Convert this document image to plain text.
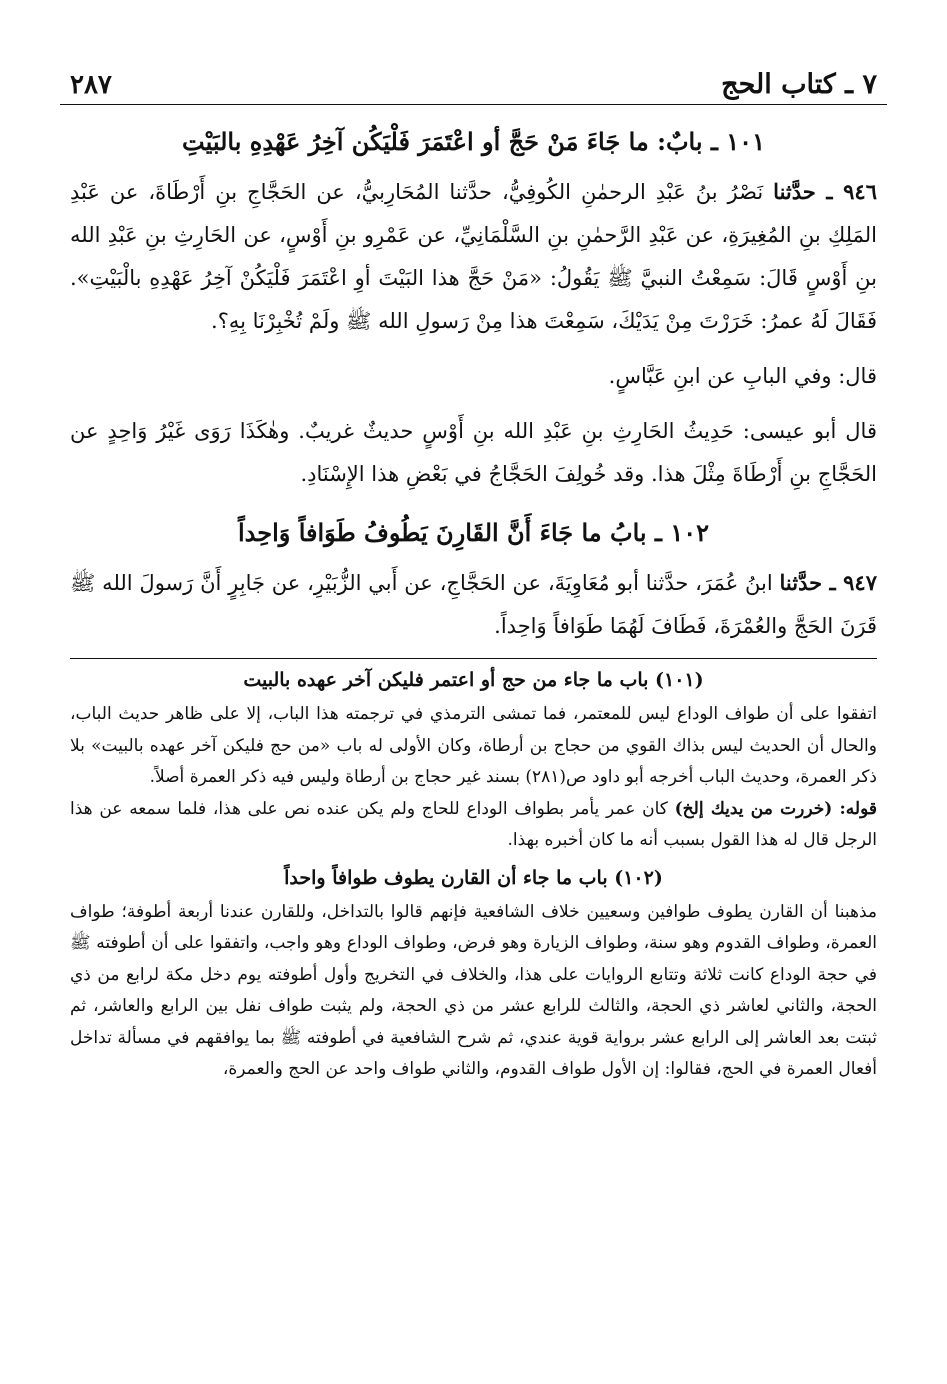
٧ ـ كتاب الحج
٢٨٧
١٠١ ـ بابٌ: ما جَاءَ مَنْ حَجَّ أو اعْتَمَرَ فَلْيَكُن آخِرُ عَهْدِهِ بالبَيْتِ

٩٤٦ ـ حدَّثنا نَصْرُ بنُ عَبْدِ الرحمٰنِ الكُوفِيُّ، حدَّثنا المُحَارِبيُّ، عن الحَجَّاجِ بنِ أَرْطَاةَ، عن عَبْدِ المَلِكِ بنِ المُغِيرَةِ، عن عَبْدِ الرَّحمٰنِ بنِ السَّلْمَانِيِّ، عن عَمْرِو بنِ أَوْسٍ، عن الحَارِثِ بنِ عَبْدِ الله بنِ أَوْسٍ قَالَ: سَمِعْتُ النبيَّ ﷺ يَقُولُ: «مَنْ حَجَّ هذا البَيْتَ أوِ اعْتَمَرَ فَلْيَكُنْ آخِرُ عَهْدِهِ بالْبَيْتِ». فَقَالَ لَهُ عمرُ: خَرَرْتَ مِنْ يَدَيْكَ، سَمِعْتَ هذا مِنْ رَسولِ الله ﷺ ولَمْ تُخْبِرْنَا بِهِ؟.

قال: وفي البابِ عن ابنِ عَبَّاسٍ.

قال أبو عيسى: حَدِيثُ الحَارِثِ بنِ عَبْدِ الله بنِ أَوْسٍ حديثٌ غريبٌ. وهٰكَذَا رَوَى غَيْرُ وَاحِدٍ عن الحَجَّاجِ بنِ أَرْطَاةَ مِثْلَ هذا. وقد خُولِفَ الحَجَّاجُ في بَعْضِ هذا الإِسْنَادِ.

١٠٢ ـ بابُ ما جَاءَ أَنَّ القَارِنَ يَطُوفُ طَوَافاً وَاحِداً

٩٤٧ ـ حدَّثنا ابنُ عُمَرَ، حدَّثنا أبو مُعَاوِيَةَ، عن الحَجَّاجِ، عن أَبي الزُّبَيْرِ، عن جَابِرٍ أَنَّ رَسولَ الله ﷺ قَرَنَ الحَجَّ والعُمْرَةَ، فَطَافَ لَهُمَا طَوَافاً وَاحِداً.

(١٠١) باب ما جاء من حج أو اعتمر فليكن آخر عهده بالبيت

اتفقوا على أن طواف الوداع ليس للمعتمر، فما تمشى الترمذي في ترجمته هذا الباب، إلا على ظاهر حديث الباب، والحال أن الحديث ليس بذاك القوي من حجاج بن أرطاة، وكان الأولى له باب «من حج فليكن آخر عهده بالبيت» بلا ذكر العمرة، وحديث الباب أخرجه أبو داود ص(٢٨١) بسند غير حجاج بن أرطاة وليس فيه ذكر العمرة أصلاً.

قوله: (خررت من يديك إلخ) كان عمر يأمر بطواف الوداع للحاج ولم يكن عنده نص على هذا، فلما سمعه عن هذا الرجل قال له هذا القول بسبب أنه ما كان أخبره بهذا.

(١٠٢) باب ما جاء أن القارن يطوف طوافاً واحداً

مذهبنا أن القارن يطوف طوافين وسعيين خلاف الشافعية فإنهم قالوا بالتداخل، وللقارن عندنا أربعة أطوفة؛ طواف العمرة، وطواف القدوم وهو سنة، وطواف الزيارة وهو فرض، وطواف الوداع وهو واجب، واتفقوا على أن أطوفته ﷺ في حجة الوداع كانت ثلاثة وتتابع الروايات على هذا، والخلاف في التخريج وأول أطوفته يوم دخل مكة لرابع من ذي الحجة، والثاني لعاشر ذي الحجة، والثالث للرابع عشر من ذي الحجة، ولم يثبت طواف نفل بين الرابع والعاشر، ثم ثبتت بعد العاشر إلى الرابع عشر برواية قوية عندي، ثم شرح الشافعية في أطوفته ﷺ بما يوافقهم في مسألة تداخل أفعال العمرة في الحج، فقالوا: إن الأول طواف القدوم، والثاني طواف واحد عن الحج والعمرة،
